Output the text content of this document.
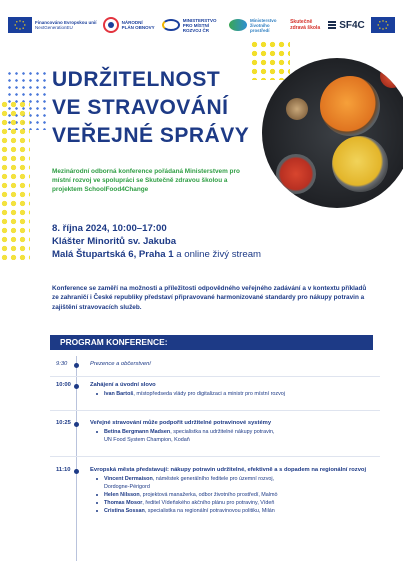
Financováno Evropskou unií
NextGenerationEU
NÁRODNÍ PLÁN OBNOVY
MINISTERSTVO PRO MÍSTNÍ ROZVOJ ČR
Ministerstvo životního prostředí
Skutečně zdravá škola SF4C
UDRŽITELNOST
VE STRAVOVÁNÍ
VEŘEJNÉ SPRÁVY
Mezinárodní odborná konference pořádaná Ministerstvem pro místní rozvoj ve spolupráci se Skutečně zdravou školou a projektem SchoolFood4Change
8. října 2024, 10:00–17:00
Klášter Minoritů sv. Jakuba
Malá Štupartská 6, Praha 1 a online živý stream
Konference se zaměří na možnosti a příležitosti odpovědného veřejného zadávání a v kontextu příkladů ze zahraničí i České republiky představí připravované harmonizované standardy pro nákupy potravin a zajištění stravovacích služeb.
PROGRAM KONFERENCE:
9:30	Prezence a občerstvení
10:00	Zahájení a úvodní slovo
Ivan Bartoš, místopředseda vlády pro digitalizaci a ministr pro místní rozvoj
10:25	Veřejné stravování může podpořit udržitelné potravinové systémy
Betina Bergmann Madsen, specialistka na udržitelné nákupy potravin,
UN Food System Champion, Kodaň
11:10	Evropská města představují: nákupy potravin udržitelné, efektivně a s dopadem na regionální rozvoj
Vincent Dermaison, náměstek generálního ředitele pro územní rozvoj,
Dordogne-Périgord
Helen Nilsson, projektová manažerka, odbor životního prostředí, Malmö
Thomas Mosor, ředitel Vídeňského akčního plánu pro potraviny, Vídeň
Cristina Sossan, specialistka na regionální potravinovou politiku, Milán
